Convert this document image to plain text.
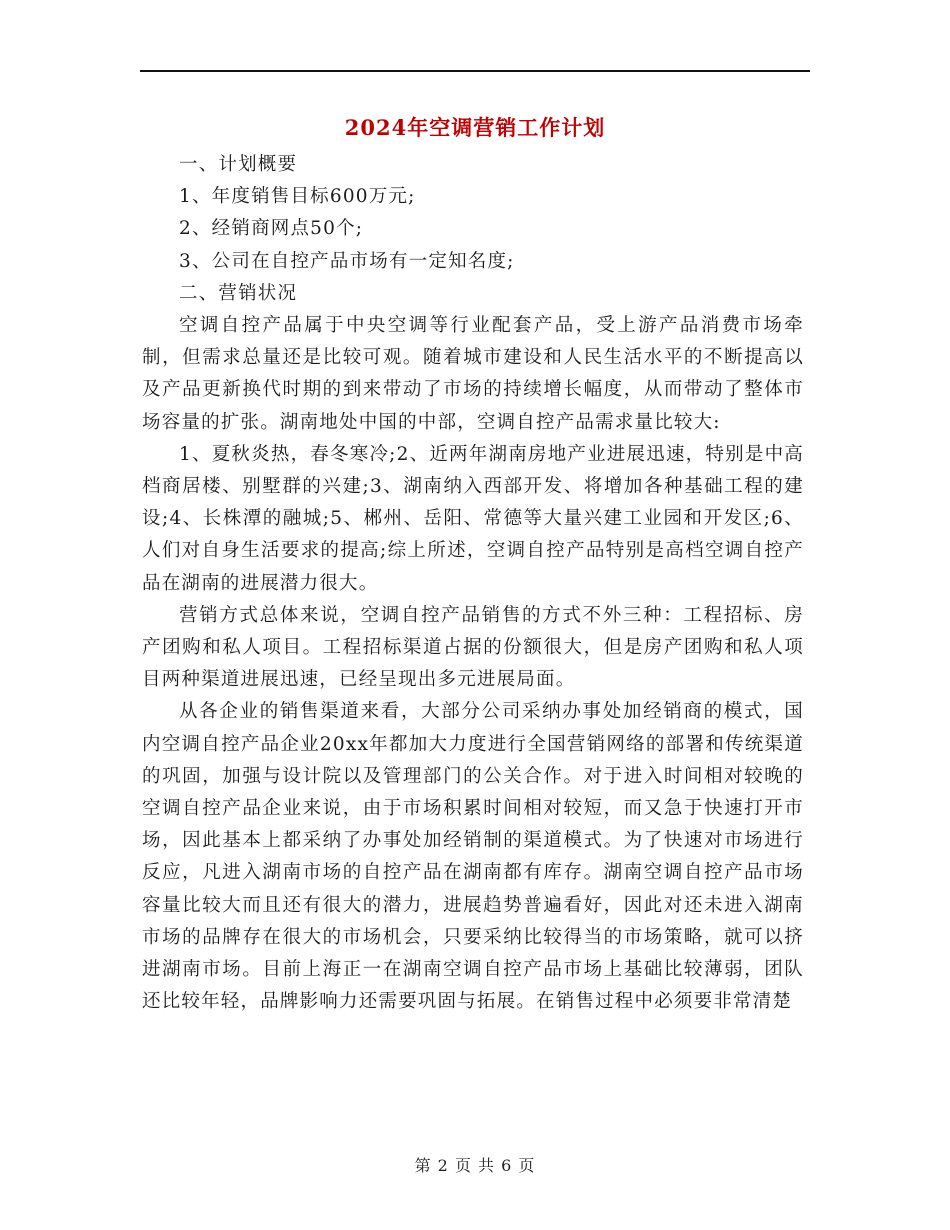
2024年空调营销工作计划

一、计划概要

1、年度销售目标600万元;

2、经销商网点50个;

3、公司在自控产品市场有一定知名度;

二、营销状况

空调自控产品属于中央空调等行业配套产品，受上游产品消费市场牵制，但需求总量还是比较可观。随着城市建设和人民生活水平的不断提高以及产品更新换代时期的到来带动了市场的持续增长幅度，从而带动了整体市场容量的扩张。湖南地处中国的中部，空调自控产品需求量比较大:

1、夏秋炎热，春冬寒冷;2、近两年湖南房地产业进展迅速，特别是中高档商居楼、别墅群的兴建;3、湖南纳入西部开发、将增加各种基础工程的建设;4、长株潭的融城;5、郴州、岳阳、常德等大量兴建工业园和开发区;6、人们对自身生活要求的提高;综上所述，空调自控产品特别是高档空调自控产品在湖南的进展潜力很大。

营销方式总体来说，空调自控产品销售的方式不外三种：工程招标、房产团购和私人项目。工程招标渠道占据的份额很大，但是房产团购和私人项目两种渠道进展迅速，已经呈现出多元进展局面。

从各企业的销售渠道来看，大部分公司采纳办事处加经销商的模式，国内空调自控产品企业20xx年都加大力度进行全国营销网络的部署和传统渠道的巩固，加强与设计院以及管理部门的公关合作。对于进入时间相对较晚的空调自控产品企业来说，由于市场积累时间相对较短，而又急于快速打开市场，因此基本上都采纳了办事处加经销制的渠道模式。为了快速对市场进行反应，凡进入湖南市场的自控产品在湖南都有库存。湖南空调自控产品市场容量比较大而且还有很大的潜力，进展趋势普遍看好，因此对还未进入湖南市场的品牌存在很大的市场机会，只要采纳比较得当的市场策略，就可以挤进湖南市场。目前上海正一在湖南空调自控产品市场上基础比较薄弱，团队还比较年轻，品牌影响力还需要巩固与拓展。在销售过程中必须要非常清楚

第 2 页 共 6 页
